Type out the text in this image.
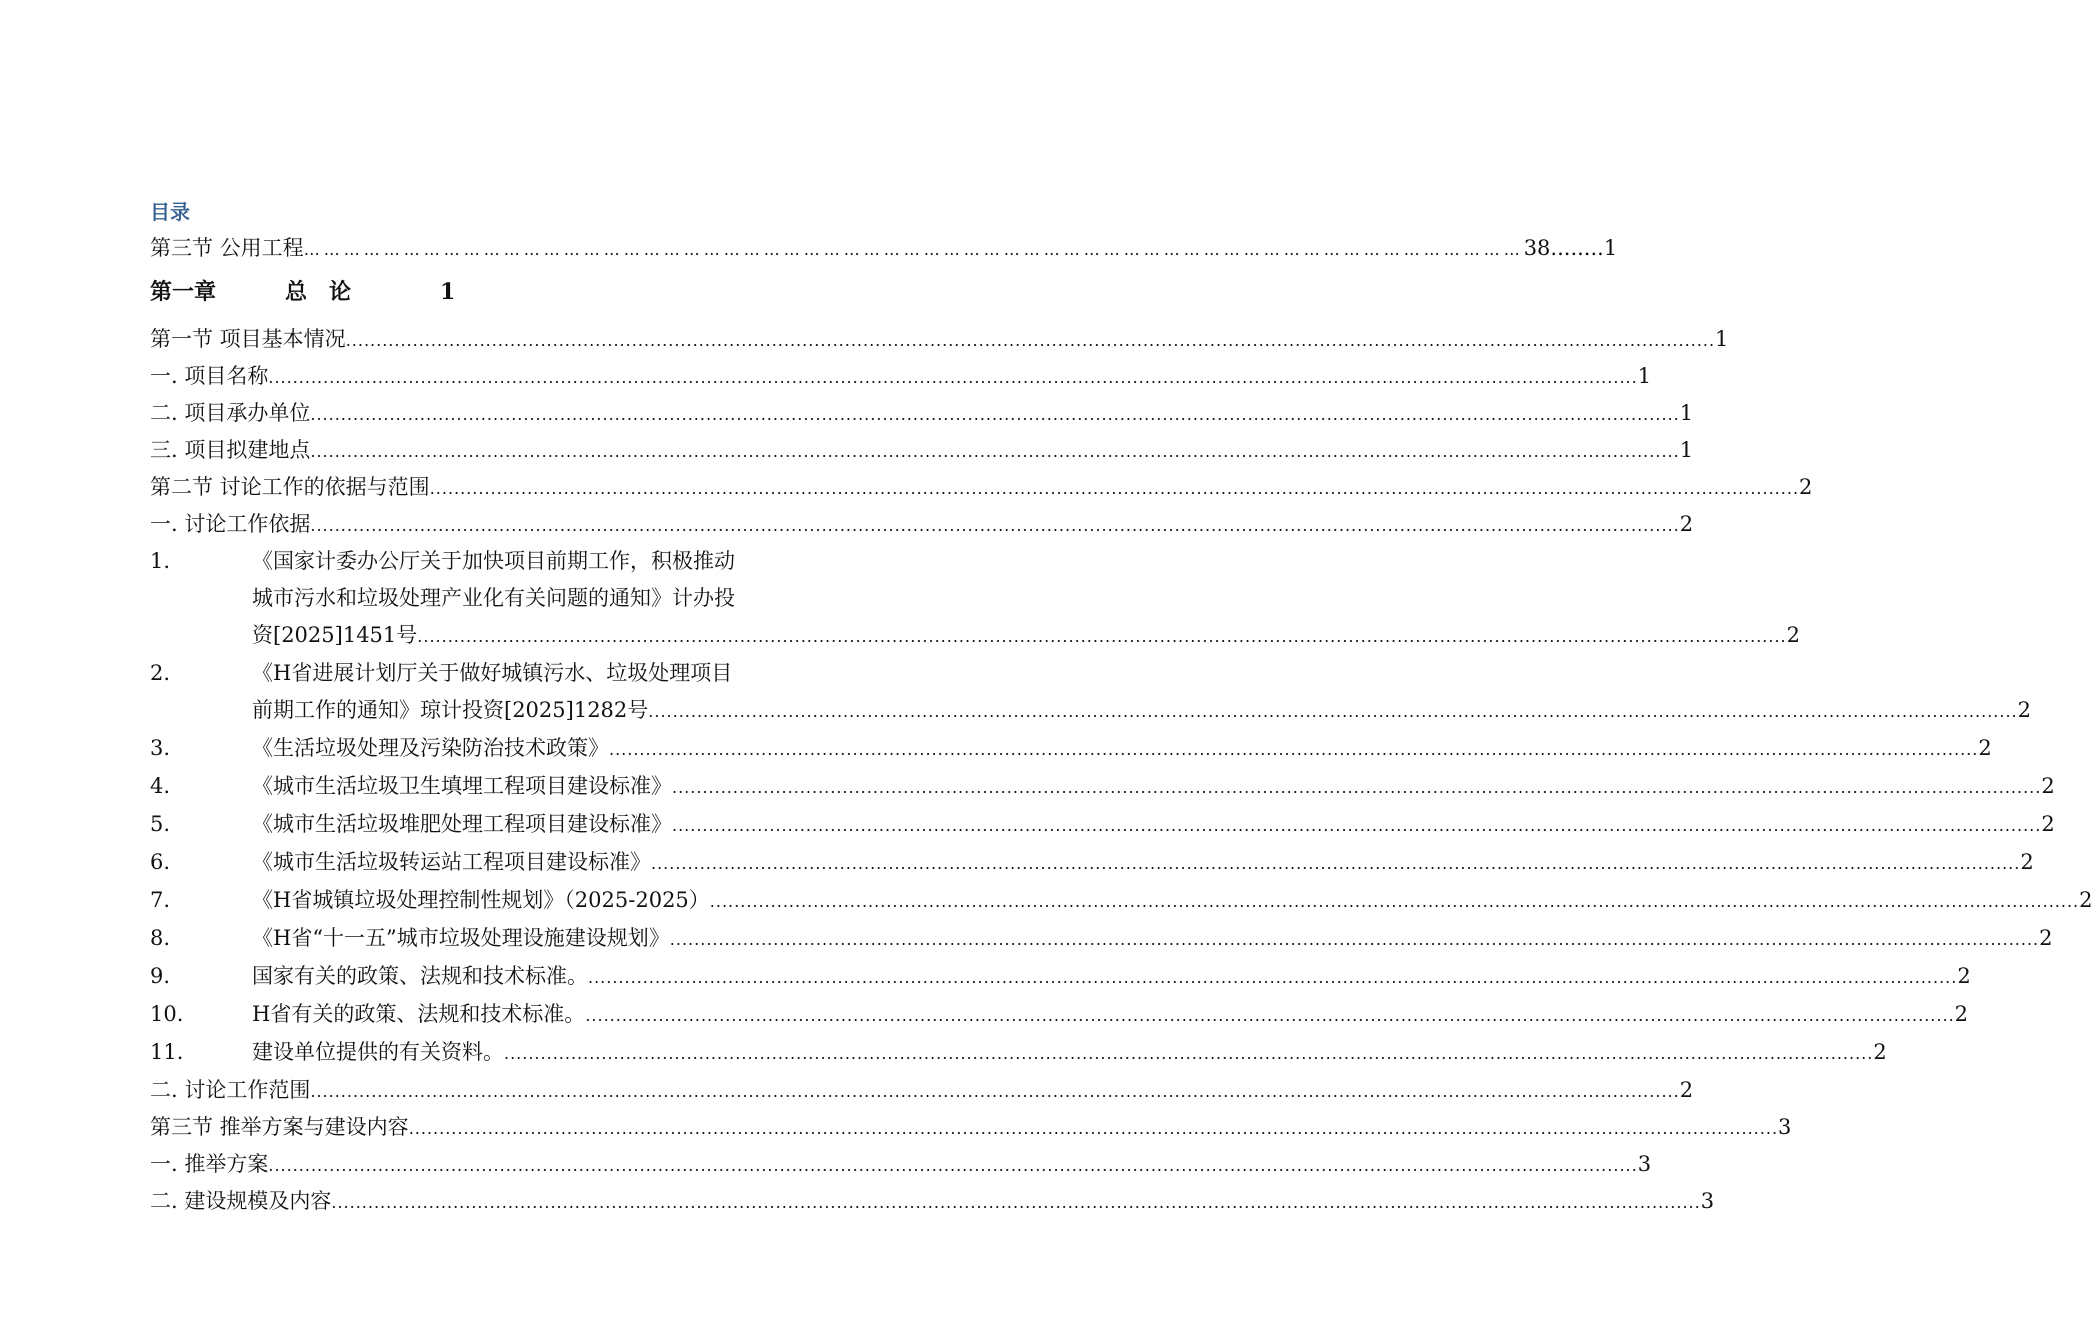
目录
第三节 公用工程 …………………………………………………………………………………………………………………………………………………………………	38 ........ 1
第一章	总论	1
第一节 项目基本情况 .....	1
一. 项目名称 .....	1
二. 项目承办单位 .....	1
三. 项目拟建地点 .....	1
第二节 讨论工作的依据与范围 .....	2
一. 讨论工作依据 .....	2
1.	《国家计委办公厅关于加快项目前期工作，积极推动
城市污水和垃圾处理产业化有关问题的通知》计办投
资[2025]1451号 .....	2
2.	《H省进展计划厅关于做好城镇污水、垃圾处理项目
前期工作的通知》琼计投资[2025]1282号 .....	2
3.	《生活垃圾处理及污染防治技术政策》 .....	2
4.	《城市生活垃圾卫生填埋工程项目建设标准》 .....	2
5.	《城市生活垃圾堆肥处理工程项目建设标准》 .....	2
6.	《城市生活垃圾转运站工程项目建设标准》 .....	2
7.	《H省城镇垃圾处理控制性规划》（2025-2025） .....	2
8.	《H省“十一五”城市垃圾处理设施建设规划》 .....	2
9.	国家有关的政策、法规和技术标准。 .....	2
10.	H省有关的政策、法规和技术标准。 .....	2
11.	建设单位提供的有关资料。 .....	2
二. 讨论工作范围 .....	2
第三节 推举方案与建设内容 .....	3
一. 推举方案 .....	3
二. 建设规模及内容 .....	3
